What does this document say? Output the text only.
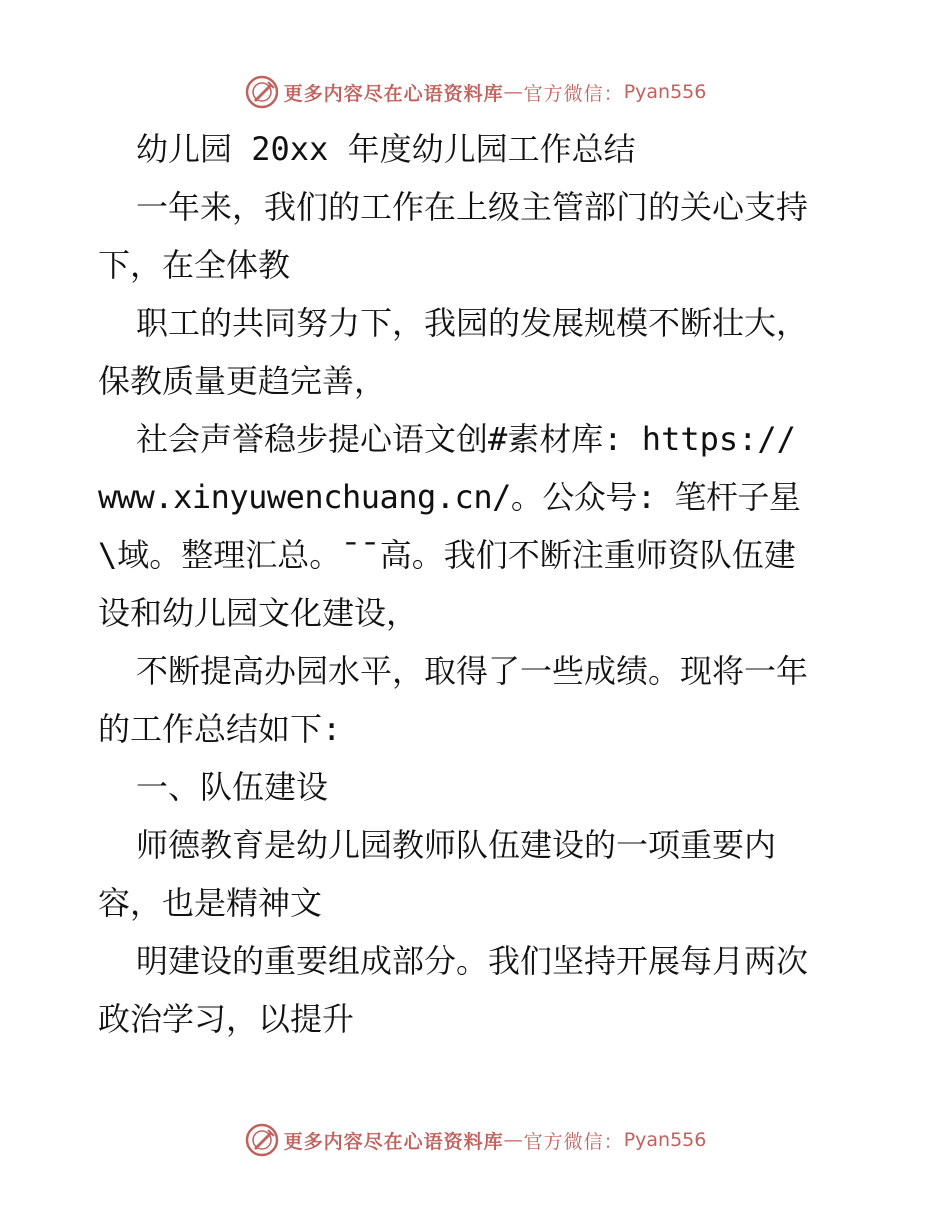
更多内容尽在心语资料库 — 官方微信： Pyan556
幼儿园 20xx 年度幼儿园工作总结
一年来，我们的工作在上级主管部门的关心支持
下，在全体教
职工的共同努力下，我园的发展规模不断壮大，
保教质量更趋完善，
社会声誉稳步提心语文创#素材库: https://
www.xinyuwenchuang.cn/。公众号: 笔杆子星
\域。整理汇总。¯¯高。我们不断注重师资队伍建
设和幼儿园文化建设，
不断提高办园水平，取得了一些成绩。现将一年
的工作总结如下:
一、队伍建设
师德教育是幼儿园教师队伍建设的一项重要内
容，也是精神文
明建设的重要组成部分。我们坚持开展每月两次
政治学习，以提升
更多内容尽在心语资料库 — 官方微信： Pyan556
